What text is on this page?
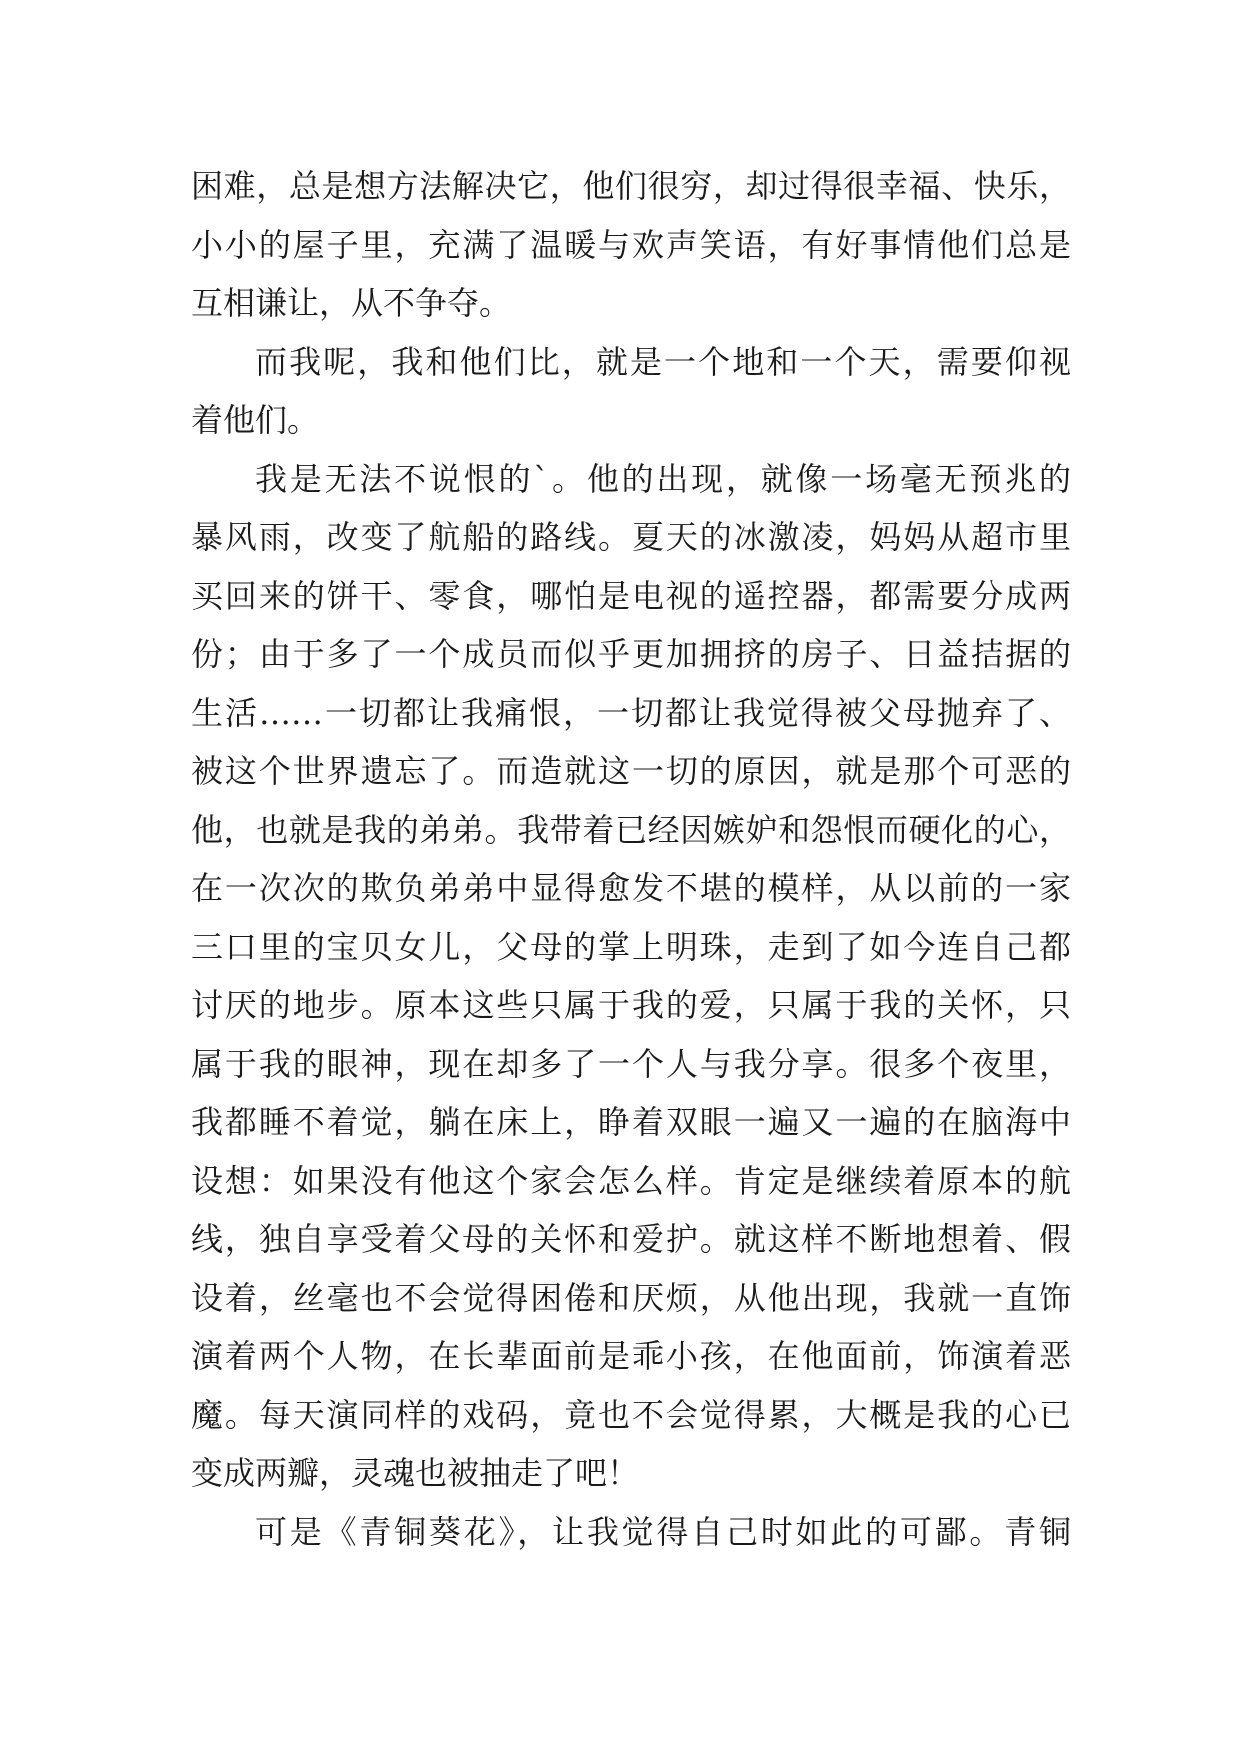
困难，总是想方法解决它，他们很穷，却过得很幸福、快乐，
小小的屋子里，充满了温暖与欢声笑语，有好事情他们总是
互相谦让，从不争夺。
而我呢，我和他们比，就是一个地和一个天，需要仰视
着他们。
我是无法不说恨的`。他的出现，就像一场毫无预兆的
暴风雨，改变了航船的路线。夏天的冰激凌，妈妈从超市里
买回来的饼干、零食，哪怕是电视的遥控器，都需要分成两
份；由于多了一个成员而似乎更加拥挤的房子、日益拮据的
生活……一切都让我痛恨，一切都让我觉得被父母抛弃了、
被这个世界遗忘了。而造就这一切的原因，就是那个可恶的
他，也就是我的弟弟。我带着已经因嫉妒和怨恨而硬化的心，
在一次次的欺负弟弟中显得愈发不堪的模样，从以前的一家
三口里的宝贝女儿，父母的掌上明珠，走到了如今连自己都
讨厌的地步。原本这些只属于我的爱，只属于我的关怀，只
属于我的眼神，现在却多了一个人与我分享。很多个夜里，
我都睡不着觉，躺在床上，睁着双眼一遍又一遍的在脑海中
设想：如果没有他这个家会怎么样。肯定是继续着原本的航
线，独自享受着父母的关怀和爱护。就这样不断地想着、假
设着，丝毫也不会觉得困倦和厌烦，从他出现，我就一直饰
演着两个人物，在长辈面前是乖小孩，在他面前，饰演着恶
魔。每天演同样的戏码，竟也不会觉得累，大概是我的心已
变成两瓣，灵魂也被抽走了吧！
可是《青铜葵花》，让我觉得自己时如此的可鄙。青铜
